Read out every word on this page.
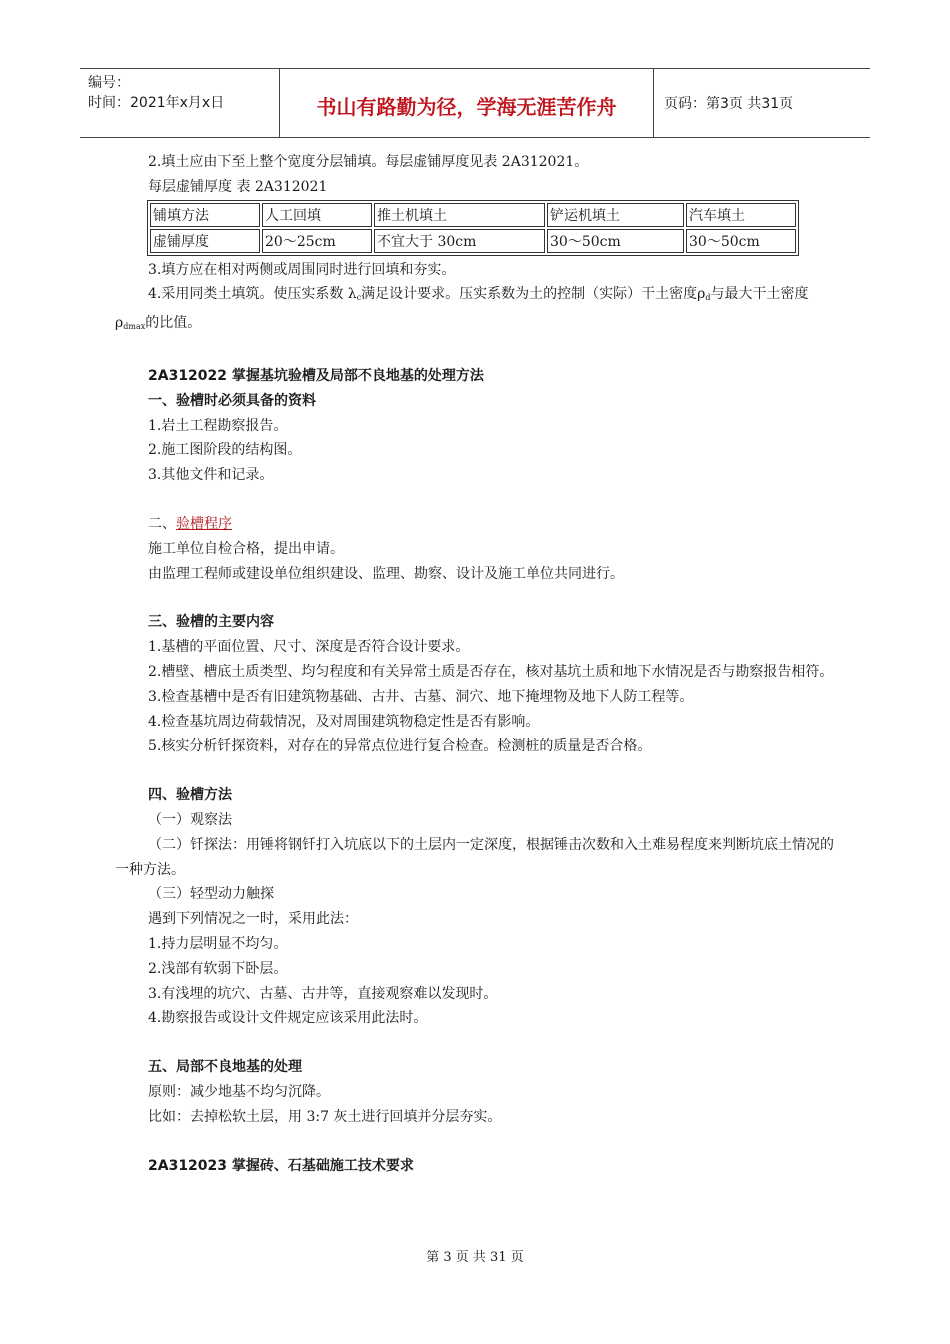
编号：
时间：2021年x月x日	书山有路勤为径，学海无涯苦作舟	页码：第3页 共31页

2.填土应由下至上整个宽度分层铺填。每层虚铺厚度见表 2A312021。

每层虚铺厚度 表 2A312021

铺填方法	人工回填	推土机填土	铲运机填土	汽车填土
虚铺厚度	20～25cm	不宜大于 30cm	30～50cm	30～50cm

3.填方应在相对两侧或周围同时进行回填和夯实。

4.采用同类土填筑。使压实系数 $\lambda_c$满足设计要求。压实系数为土的控制（实际）干土密度$\rho_d$与最大干土密度 $\rho_{dmax}$的比值。

2A312022 掌握基坑验槽及局部不良地基的处理方法

一、验槽时必须具备的资料

1.岩土工程勘察报告。

2.施工图阶段的结构图。

3.其他文件和记录。

二、验槽程序

施工单位自检合格，提出申请。

由监理工程师或建设单位组织建设、监理、勘察、设计及施工单位共同进行。

三、验槽的主要内容

1.基槽的平面位置、尺寸、深度是否符合设计要求。

2.槽壁、槽底土质类型、均匀程度和有关异常土质是否存在，核对基坑土质和地下水情况是否与勘察报告相符。

3.检查基槽中是否有旧建筑物基础、古井、古墓、洞穴、地下掩埋物及地下人防工程等。

4.检查基坑周边荷载情况，及对周围建筑物稳定性是否有影响。

5.核实分析钎探资料，对存在的异常点位进行复合检查。检测桩的质量是否合格。

四、验槽方法

（一）观察法

（二）钎探法：用锤将钢钎打入坑底以下的土层内一定深度，根据锤击次数和入土难易程度来判断坑底土情况的一种方法。

（三）轻型动力触探

遇到下列情况之一时，采用此法：

1.持力层明显不均匀。

2.浅部有软弱下卧层。

3.有浅埋的坑穴、古墓、古井等，直接观察难以发现时。

4.勘察报告或设计文件规定应该采用此法时。

五、局部不良地基的处理

原则：减少地基不均匀沉降。

比如：去掉松软土层，用 3:7 灰土进行回填并分层夯实。

2A312023 掌握砖、石基础施工技术要求

第 3 页 共 31 页
